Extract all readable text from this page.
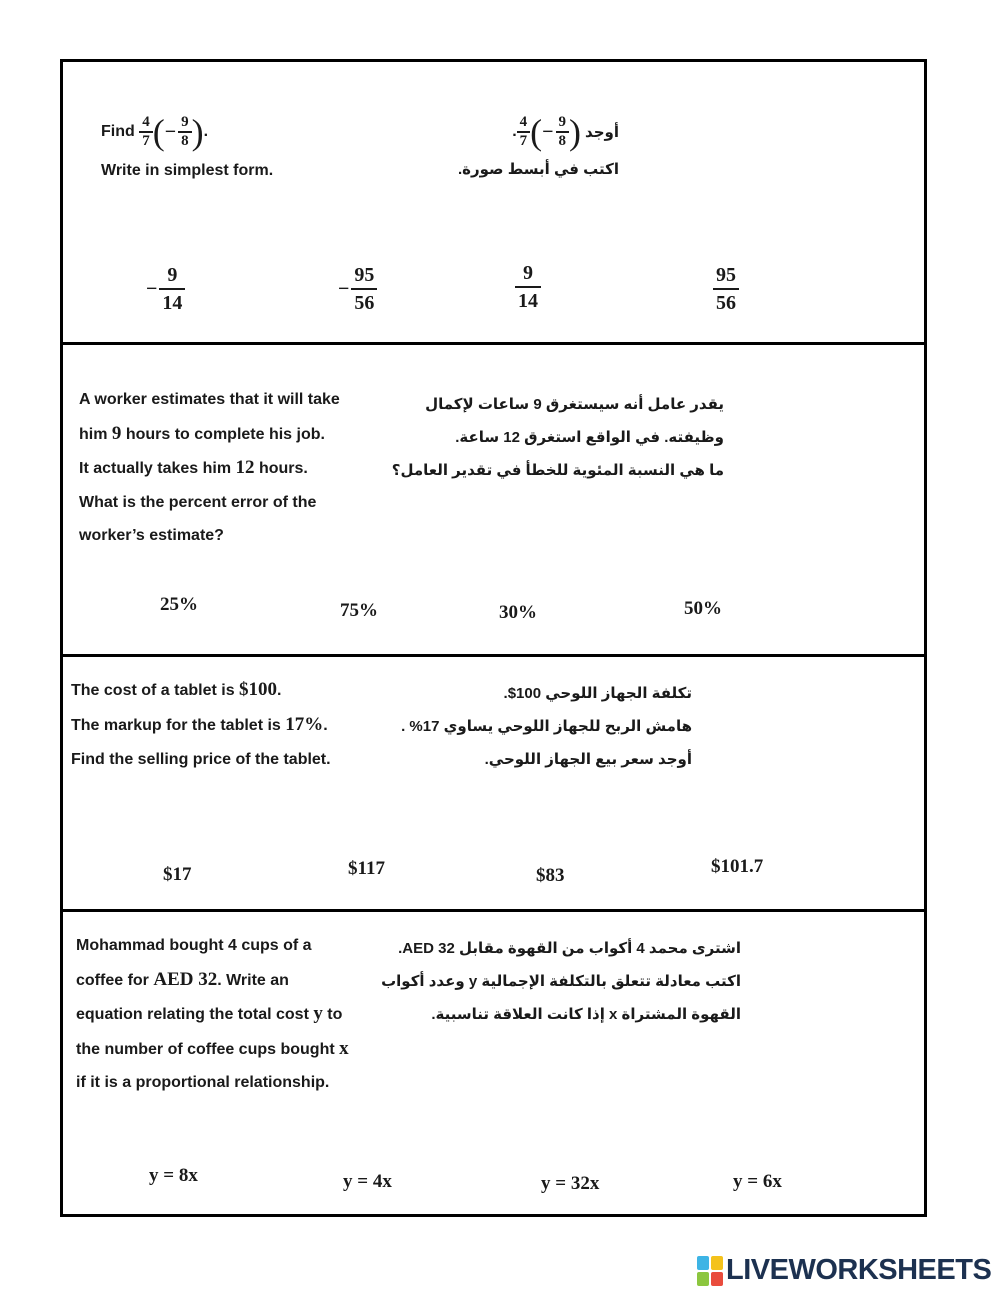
Find $\frac{4}{7}$ (− $\frac{9}{8}$ ).
Write in simplest form.
. $\frac{4}{7}$ ( − $\frac{9}{8}$ ) أوجد
اكتب في أبسط صورة.
− $\frac{9}{14}$	− $\frac{95}{56}$	$\frac{9}{14}$	$\frac{95}{56}$
A worker estimates that it will take
him 9 hours to complete his job.
It actually takes him 12 hours.
What is the percent error of the
worker’s estimate?
يقدر عامل أنه سيستغرق 9 ساعات لإكمال
وظيفته. في الواقع استغرق 12 ساعة.
ما هي النسبة المئوية للخطأ في تقدير العامل؟
25%	75%	30%	50%
The cost of a tablet is $100.
The markup for the tablet is 17%.
Find the selling price of the tablet.
تكلفة الجهاز اللوحي 100$.
هامش الربح للجهاز اللوحي يساوي 17% .
أوجد سعر بيع الجهاز اللوحي.
$17	$117	$83	$101.7
Mohammad bought 4 cups of a
coffee for AED 32. Write an
equation relating the total cost y to
the number of coffee cups bought x
if it is a proportional relationship.
اشترى محمد 4 أكواب من القهوة مقابل AED 32.
اكتب معادلة تتعلق بالتكلفة الإجمالية y وعدد أكواب
القهوة المشتراة x إذا كانت العلاقة تناسبية.
y = 8x	y = 4x	y = 32x	y = 6x
LIVEWORKSHEETS
